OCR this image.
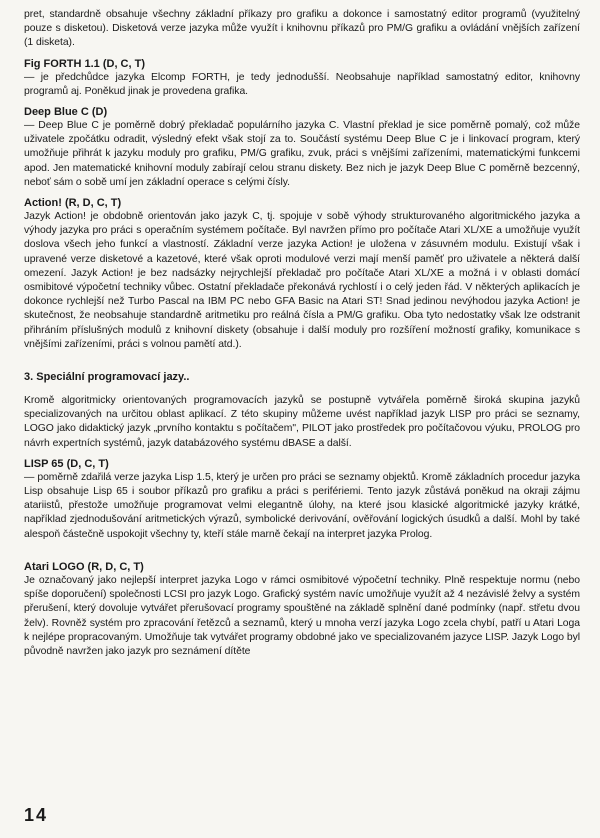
pret, standardně obsahuje všechny základní příkazy pro grafiku a dokonce i samostatný editor programů (využitelný pouze s disketou). Disketová verze jazyka může využít i knihovnu příkazů pro PM/G grafiku a ovládání vnějších zařízení (1 disketa).

Fig FORTH 1.1 (D, C, T)

— je předchůdce jazyka Elcomp FORTH, je tedy jednodušší. Neobsahuje například samostatný editor, knihovny programů aj. Poněkud jinak je provedena grafika.

Deep Blue C (D)

— Deep Blue C je poměrně dobrý překladač populárního jazyka C. Vlastní překlad je sice poměrně pomalý, což může uživatele zpočátku odradit, výsledný efekt však stojí za to. Součástí systému Deep Blue C je i linkovací program, který umožňuje přihrát k jazyku moduly pro grafiku, PM/G grafiku, zvuk, práci s vnějšími zařízeními, matematickými funkcemi apod. Jen matematické knihovní moduly zabírají celou stranu diskety. Bez nich je jazyk Deep Blue C poměrně bezcenný, neboť sám o sobě umí jen základní operace s celými čísly.

Action! (R, D, C, T)

Jazyk Action! je obdobně orientován jako jazyk C, tj. spojuje v sobě výhody strukturovaného algoritmického jazyka a výhody jazyka pro práci s operačním systémem počítače. Byl navržen přímo pro počítače Atari XL/XE a umožňuje využít doslova všech jeho funkcí a vlastností. Základní verze jazyka Action! je uložena v zásuvném modulu. Existují však i upravené verze disketové a kazetové, které však oproti modulové verzi mají menší paměť pro uživatele a některá další omezení. Jazyk Action! je bez nadsázky nejrychlejší překladač pro počítače Atari XL/XE a možná i v oblasti domácí osmibitové výpočetní techniky vůbec. Ostatní překladače překonává rychlostí i o celý jeden řád. V některých aplikacích je dokonce rychlejší než Turbo Pascal na IBM PC nebo GFA Basic na Atari ST! Snad jedinou nevýhodou jazyka Action! je skutečnost, že neobsahuje standardně aritmetiku pro reálná čísla a PM/G grafiku. Oba tyto nedostatky však lze odstranit přihráním příslušných modulů z knihovní diskety (obsahuje i další moduly pro rozšíření možností grafiky, komunikace s vnějšími zařízeními, práci s volnou pamětí atd.).

3. Speciální programovací jazy..

Kromě algoritmicky orientovaných programovacích jazyků se postupně vytvářela poměrně široká skupina jazyků specializovaných na určitou oblast aplikací. Z této skupiny můžeme uvést například jazyk LISP pro práci se seznamy, LOGO jako didaktický jazyk „prvního kontaktu s počítačem", PILOT jako prostředek pro počítačovou výuku, PROLOG pro návrh expertních systémů, jazyk databázového systému dBASE a další.

LISP 65 (D, C, T)

— poměrně zdařilá verze jazyka Lisp 1.5, který je určen pro práci se seznamy objektů. Kromě základních procedur jazyka Lisp obsahuje Lisp 65 i soubor příkazů pro grafiku a práci s perifériemi. Tento jazyk zůstává poněkud na okraji zájmu atariistů, přestože umožňuje programovat velmi elegantně úlohy, na které jsou klasické algoritmické jazyky krátké, například zjednodušování aritmetických výrazů, symbolické derivování, ověřování logických úsudků a další. Mohl by také alespoň částečně uspokojit všechny ty, kteří stále marně čekají na interpret jazyka Prolog.

Atari LOGO (R, D, C, T)

Je označovaný jako nejlepší interpret jazyka Logo v rámci osmibitové výpočetní techniky. Plně respektuje normu (nebo spíše doporučení) společnosti LCSI pro jazyk Logo. Grafický systém navíc umožňuje využít až 4 nezávislé želvy a systém přerušení, který dovoluje vytvářet přerušovací programy spouštěné na základě splnění dané podmínky (např. střetu dvou želv). Rovněž systém pro zpracování řetězců a seznamů, který u mnoha verzí jazyka Logo zcela chybí, patří u Atari Loga k nejlépe propracovaným. Umožňuje tak vytvářet programy obdobné jako ve specializovaném jazyce LISP. Jazyk Logo byl původně navržen jako jazyk pro seznámení dítěte

14
